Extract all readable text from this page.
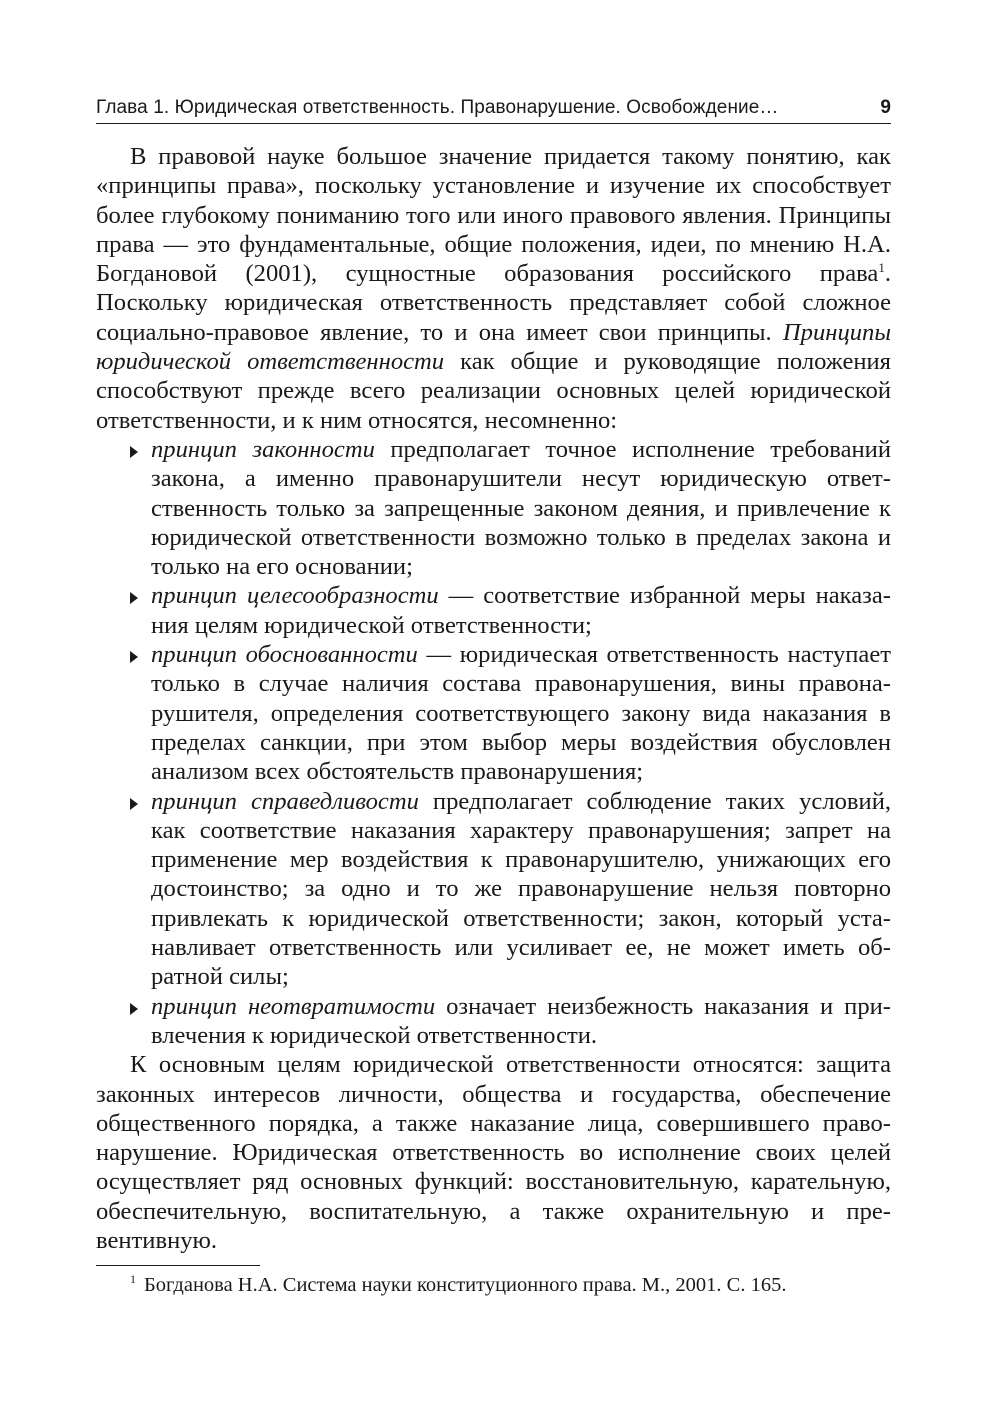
Глава 1. Юридическая ответственность. Правонарушение. Освобождение…	9

В правовой науке большое значение придается такому понятию, как «принципы права», поскольку установление и изучение их способствует более глубокому пониманию того или иного правового явления. Принципы права — это фундаментальные, общие положения, идеи, по мнению Н.А. Богдановой (2001), сущностные образования российского права$^1$. Поскольку юридическая ответственность представляет собой сложное социально-правовое явление, то и она имеет свои принципы. Принципы юридической ответственности как общие и руководящие положения способствуют прежде всего реализации основных целей юридической ответственности, и к ним относятся, несомненно:

принцип законности предполагает точное исполнение требований закона, а именно правонарушители несут юридическую ответственность только за запрещенные законом деяния, и привлечение к юридической ответственности возможно только в пределах закона и только на его основании;
принцип целесообразности — соответствие избранной меры наказания целям юридической ответственности;
принцип обоснованности — юридическая ответственность наступает только в случае наличия состава правонарушения, вины правонарушителя, определения соответствующего закону вида наказания в пределах санкции, при этом выбор меры воздействия обусловлен анализом всех обстоятельств правонарушения;
принцип справедливости предполагает соблюдение таких условий, как соответствие наказания характеру правонарушения; запрет на применение мер воздействия к правонарушителю, унижающих его достоинство; за одно и то же правонарушение нельзя повторно привлекать к юридической ответственности; закон, который устанавливает ответственность или усиливает ее, не может иметь обратной силы;
принцип неотвратимости означает неизбежность наказания и привлечения к юридической ответственности.

К основным целям юридической ответственности относятся: защита законных интересов личности, общества и государства, обеспечение общественного порядка, а также наказание лица, совершившего правонарушение. Юридическая ответственность во исполнение своих целей осуществляет ряд основных функций: восстановительную, карательную, обеспечительную, воспитательную, а также охранительную и превентивную.

$^1$ Богданова Н.А. Система науки конституционного права. М., 2001. С. 165.
